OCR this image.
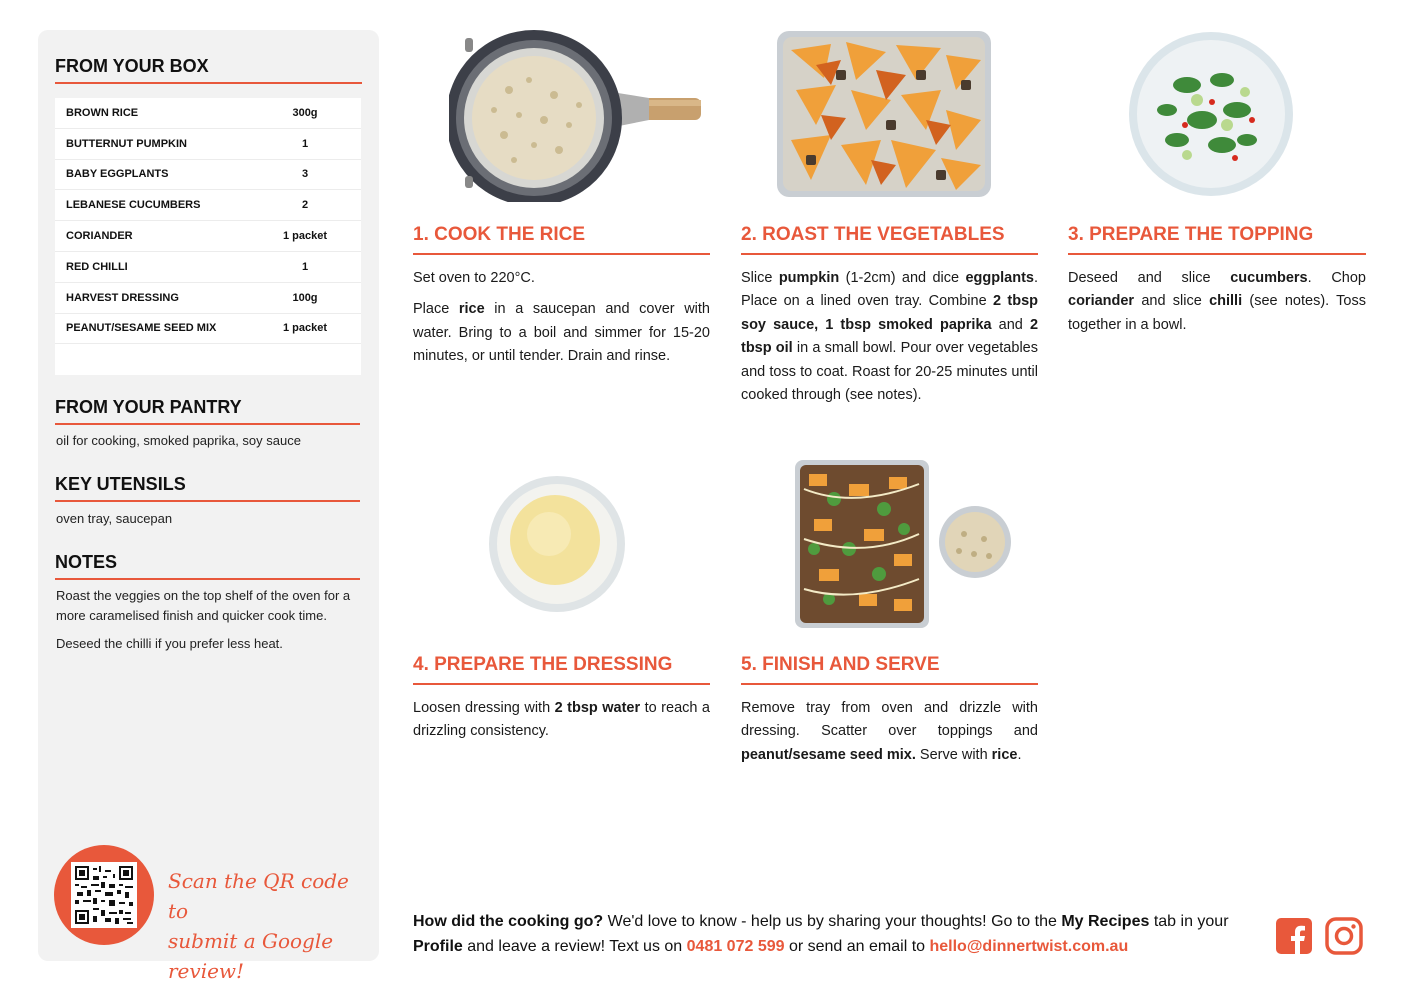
FROM YOUR BOX
BROWN RICE	300g
BUTTERNUT PUMPKIN	1
BABY EGGPLANTS	3
LEBANESE CUCUMBERS	2
CORIANDER	1 packet
RED CHILLI	1
HARVEST DRESSING	100g
PEANUT/SESAME SEED MIX	1 packet
FROM YOUR PANTRY
oil for cooking, smoked paprika, soy sauce
KEY UTENSILS
oven tray, saucepan
NOTES
Roast the veggies on the top shelf of the oven for a more caramelised finish and quicker cook time.
Deseed the chilli if you prefer less heat.
Scan the QR code to
submit a Google review!
1. COOK THE RICE

Set oven to 220°C.

Place rice in a saucepan and cover with water. Bring to a boil and simmer for 15-20 minutes, or until tender. Drain and rinse.

2. ROAST THE VEGETABLES

Slice pumpkin (1-2cm) and dice eggplants. Place on a lined oven tray. Combine 2 tbsp soy sauce, 1 tbsp smoked paprika and 2 tbsp oil in a small bowl. Pour over vegetables and toss to coat. Roast for 20-25 minutes until cooked through (see notes).

3. PREPARE THE TOPPING

Deseed and slice cucumbers. Chop coriander and slice chilli (see notes). Toss together in a bowl.

4. PREPARE THE DRESSING

Loosen dressing with 2 tbsp water to reach a drizzling consistency.

5. FINISH AND SERVE

Remove tray from oven and drizzle with dressing. Scatter over toppings and peanut/sesame seed mix. Serve with rice.

How did the cooking go? We'd love to know - help us by sharing your thoughts! Go to the My Recipes tab in your Profile and leave a review! Text us on 0481 072 599 or send an email to hello@dinnertwist.com.au
